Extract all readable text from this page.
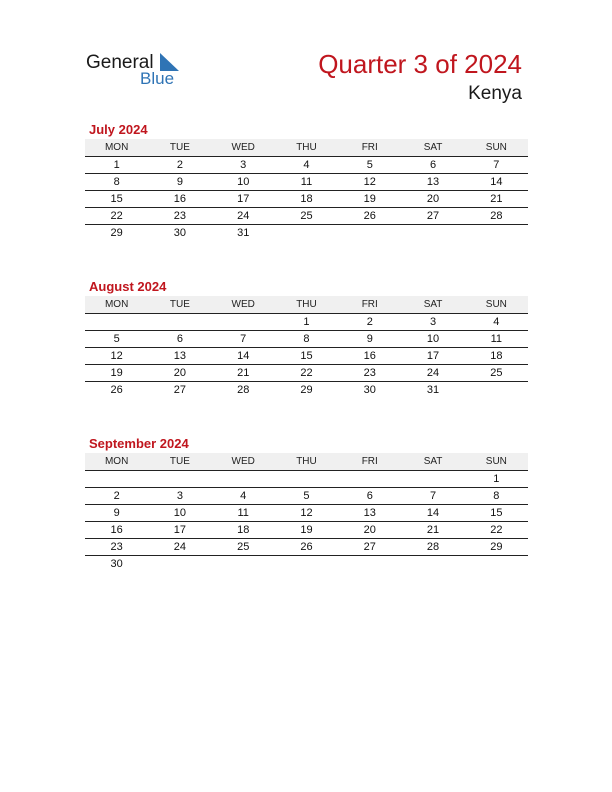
General
Blue	Quarter 3 of 2024
Kenya
July 2024
MON	TUE	WED	THU	FRI	SAT	SUN
1	2	3	4	5	6	7
8	9	10	11	12	13	14
15	16	17	18	19	20	21
22	23	24	25	26	27	28
29	30	31				
August 2024
MON	TUE	WED	THU	FRI	SAT	SUN
			1	2	3	4
5	6	7	8	9	10	11
12	13	14	15	16	17	18
19	20	21	22	23	24	25
26	27	28	29	30	31	
September 2024
MON	TUE	WED	THU	FRI	SAT	SUN
						1
2	3	4	5	6	7	8
9	10	11	12	13	14	15
16	17	18	19	20	21	22
23	24	25	26	27	28	29
30						
